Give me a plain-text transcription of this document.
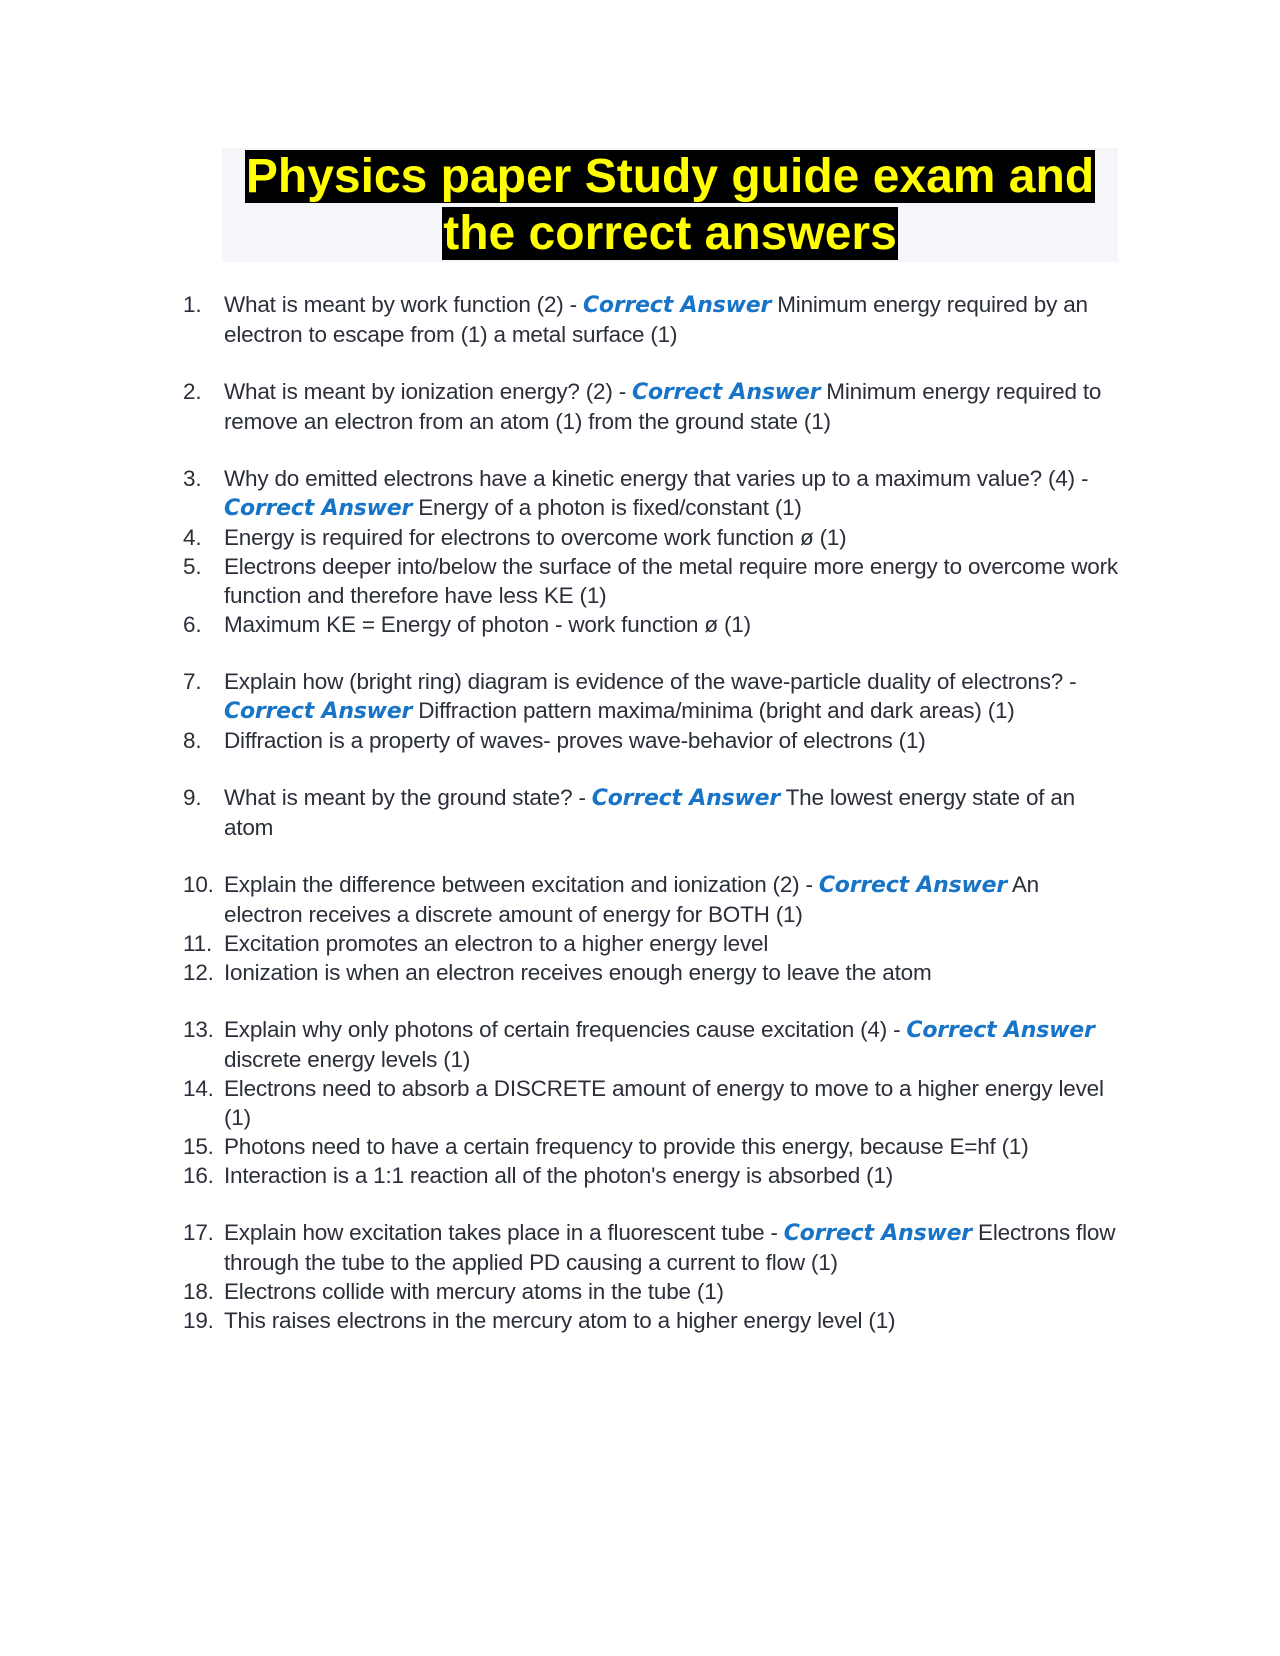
Physics paper Study guide exam and
the correct answers
1.	What is meant by work function (2) - Correct Answer Minimum energy required by an electron to escape from (1) a metal surface (1)
2.	What is meant by ionization energy? (2) - Correct Answer Minimum energy required to remove an electron from an atom (1) from the ground state (1)
3.	Why do emitted electrons have a kinetic energy that varies up to a maximum value? (4) - Correct Answer Energy of a photon is fixed/constant (1)
4.	Energy is required for electrons to overcome work function ø (1)
5.	Electrons deeper into/below the surface of the metal require more energy to overcome work function and therefore have less KE (1)
6.	Maximum KE = Energy of photon - work function ø (1)
7.	Explain how (bright ring) diagram is evidence of the wave-particle duality of electrons? - Correct Answer Diffraction pattern maxima/minima (bright and dark areas) (1)
8.	Diffraction is a property of waves- proves wave-behavior of electrons (1)
9.	What is meant by the ground state? - Correct Answer The lowest energy state of an atom
10. Explain the difference between excitation and ionization (2) - Correct Answer An electron receives a discrete amount of energy for BOTH (1)
11. Excitation promotes an electron to a higher energy level
12. Ionization is when an electron receives enough energy to leave the atom
13. Explain why only photons of certain frequencies cause excitation (4) - Correct Answer discrete energy levels (1)
14. Electrons need to absorb a DISCRETE amount of energy to move to a higher energy level (1)
15. Photons need to have a certain frequency to provide this energy, because E=hf (1)
16. Interaction is a 1:1 reaction all of the photon's energy is absorbed (1)
17. Explain how excitation takes place in a fluorescent tube - Correct Answer Electrons flow through the tube to the applied PD causing a current to flow (1)
18. Electrons collide with mercury atoms in the tube (1)
19. This raises electrons in the mercury atom to a higher energy level (1)
